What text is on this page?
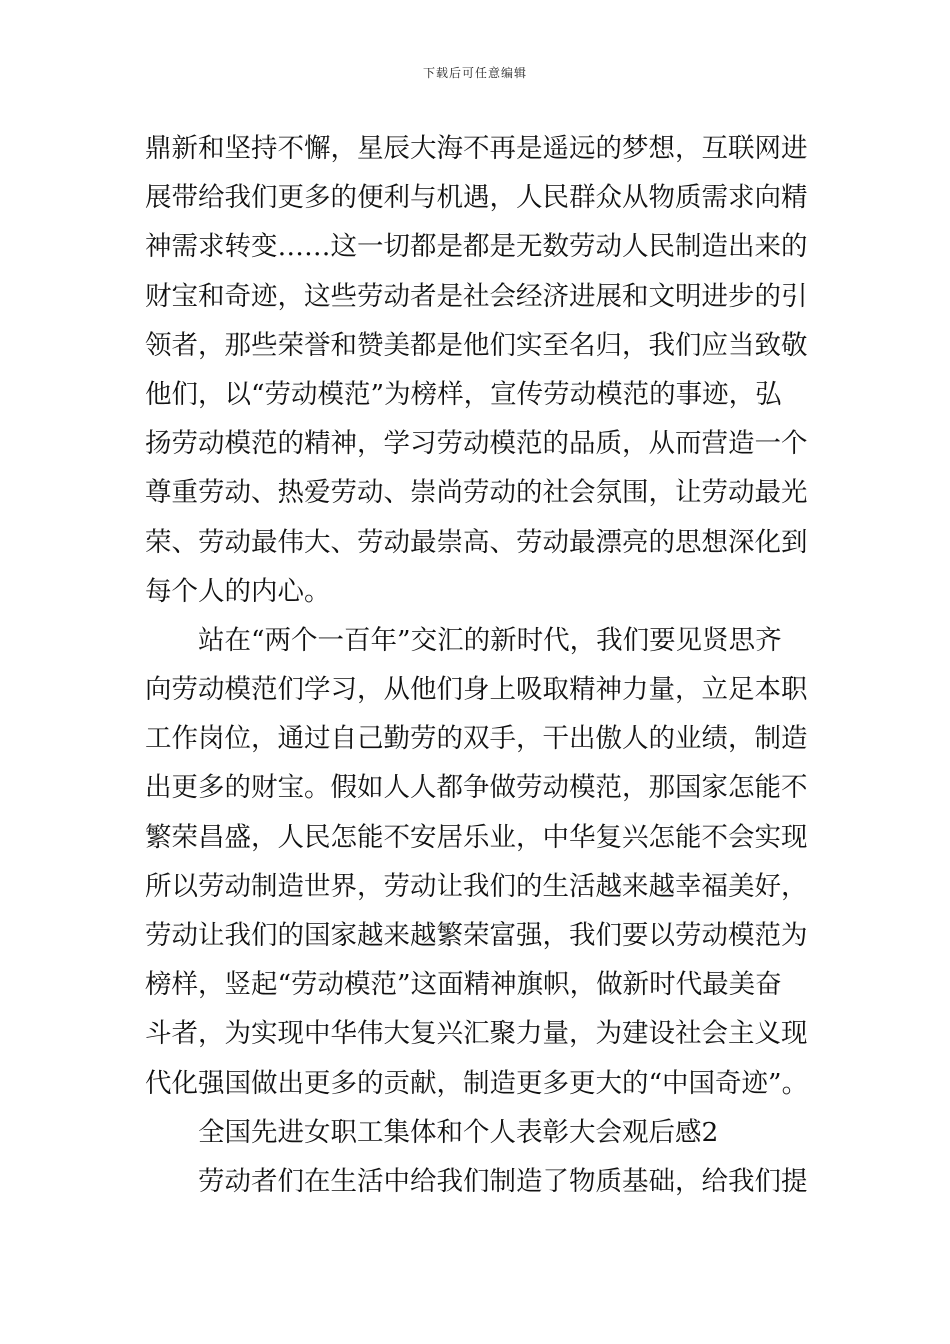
下载后可任意编辑
鼎新和坚持不懈，星辰大海不再是遥远的梦想，互联网进
展带给我们更多的便利与机遇，人民群众从物质需求向精
神需求转变……这一切都是都是无数劳动人民制造出来的
财宝和奇迹，这些劳动者是社会经济进展和文明进步的引
领者，那些荣誉和赞美都是他们实至名归，我们应当致敬
他们，以“劳动模范”为榜样，宣传劳动模范的事迹，弘
扬劳动模范的精神，学习劳动模范的品质，从而营造一个
尊重劳动、热爱劳动、崇尚劳动的社会氛围，让劳动最光
荣、劳动最伟大、劳动最崇高、劳动最漂亮的思想深化到
每个人的内心。
站在“两个一百年”交汇的新时代，我们要见贤思齐
向劳动模范们学习，从他们身上吸取精神力量，立足本职
工作岗位，通过自己勤劳的双手，干出傲人的业绩，制造
出更多的财宝。假如人人都争做劳动模范，那国家怎能不
繁荣昌盛，人民怎能不安居乐业，中华复兴怎能不会实现
所以劳动制造世界，劳动让我们的生活越来越幸福美好，
劳动让我们的国家越来越繁荣富强，我们要以劳动模范为
榜样，竖起“劳动模范”这面精神旗帜，做新时代最美奋
斗者，为实现中华伟大复兴汇聚力量，为建设社会主义现
代化强国做出更多的贡献，制造更多更大的“中国奇迹”。
全国先进女职工集体和个人表彰大会观后感2
劳动者们在生活中给我们制造了物质基础，给我们提
